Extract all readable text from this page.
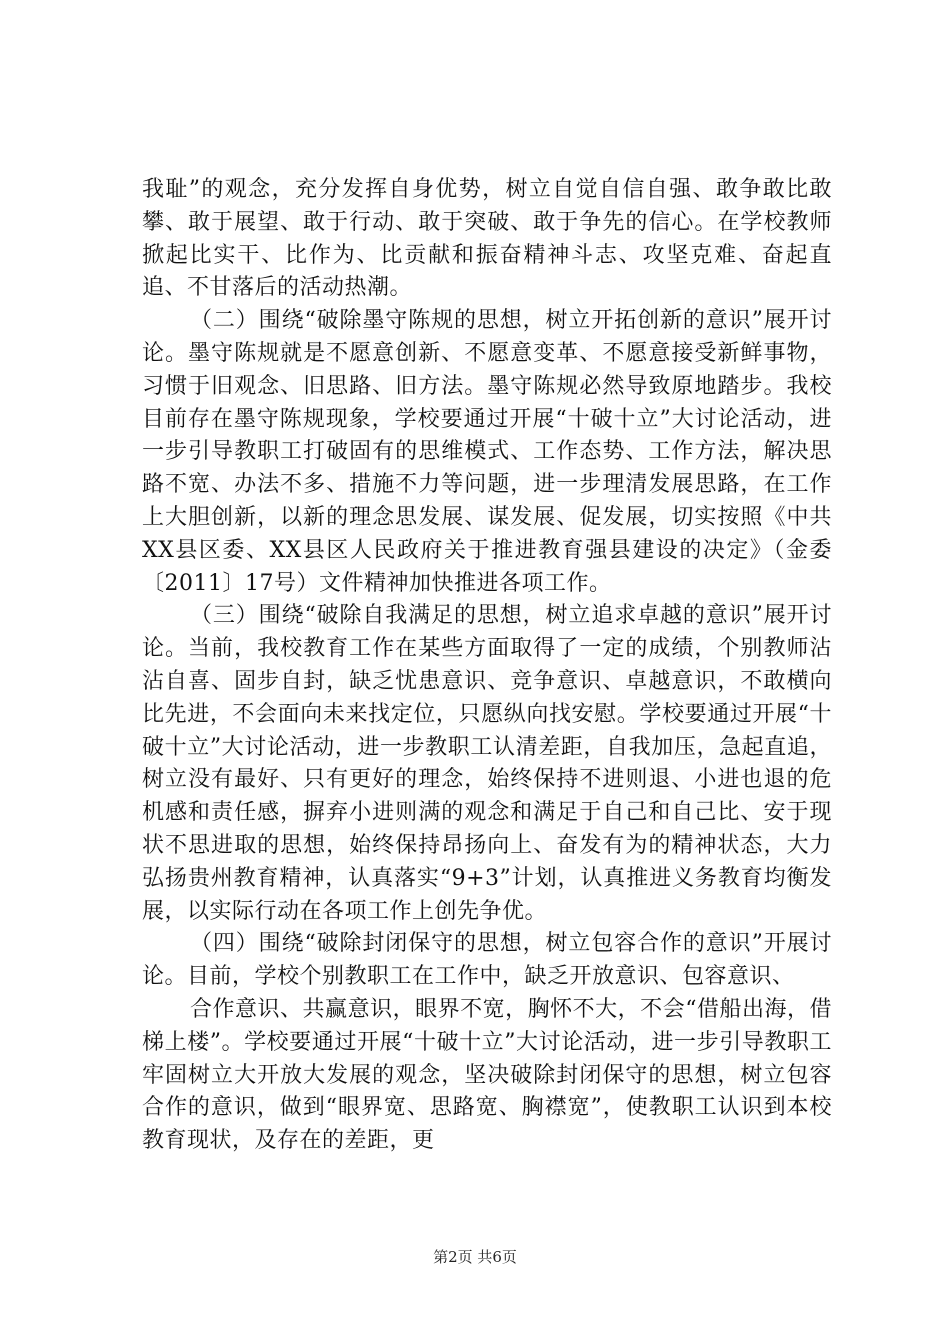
我耻”的观念，充分发挥自身优势，树立自觉自信自强、敢争敢比敢攀、敢于展望、敢于行动、敢于突破、敢于争先的信心。在学校教师掀起比实干、比作为、比贡献和振奋精神斗志、攻坚克难、奋起直追、不甘落后的活动热潮。

（二）围绕“破除墨守陈规的思想，树立开拓创新的意识”展开讨论。墨守陈规就是不愿意创新、不愿意变革、不愿意接受新鲜事物，习惯于旧观念、旧思路、旧方法。墨守陈规必然导致原地踏步。我校目前存在墨守陈规现象，学校要通过开展“十破十立”大讨论活动，进一步引导教职工打破固有的思维模式、工作态势、工作方法，解决思路不宽、办法不多、措施不力等问题，进一步理清发展思路，在工作上大胆创新，以新的理念思发展、谋发展、促发展，切实按照《中共XX县区委、XX县区人民政府关于推进教育强县建设的决定》（金委〔2011〕17号）文件精神加快推进各项工作。

（三）围绕“破除自我满足的思想，树立追求卓越的意识”展开讨论。当前，我校教育工作在某些方面取得了一定的成绩，个别教师沾沾自喜、固步自封，缺乏忧患意识、竞争意识、卓越意识，不敢横向比先进，不会面向未来找定位，只愿纵向找安慰。学校要通过开展“十破十立”大讨论活动，进一步教职工认清差距，自我加压，急起直追，树立没有最好、只有更好的理念，始终保持不进则退、小进也退的危机感和责任感，摒弃小进则满的观念和满足于自己和自己比、安于现状不思进取的思想，始终保持昂扬向上、奋发有为的精神状态，大力弘扬贵州教育精神，认真落实“9+3”计划，认真推进义务教育均衡发展，以实际行动在各项工作上创先争优。

（四）围绕“破除封闭保守的思想，树立包容合作的意识”开展讨论。目前，学校个别教职工在工作中，缺乏开放意识、包容意识、

合作意识、共赢意识，眼界不宽，胸怀不大，不会“借船出海，借梯上楼”。学校要通过开展“十破十立”大讨论活动，进一步引导教职工牢固树立大开放大发展的观念，坚决破除封闭保守的思想，树立包容合作的意识，做到“眼界宽、思路宽、胸襟宽”，使教职工认识到本校教育现状，及存在的差距，更

第2页 共6页
